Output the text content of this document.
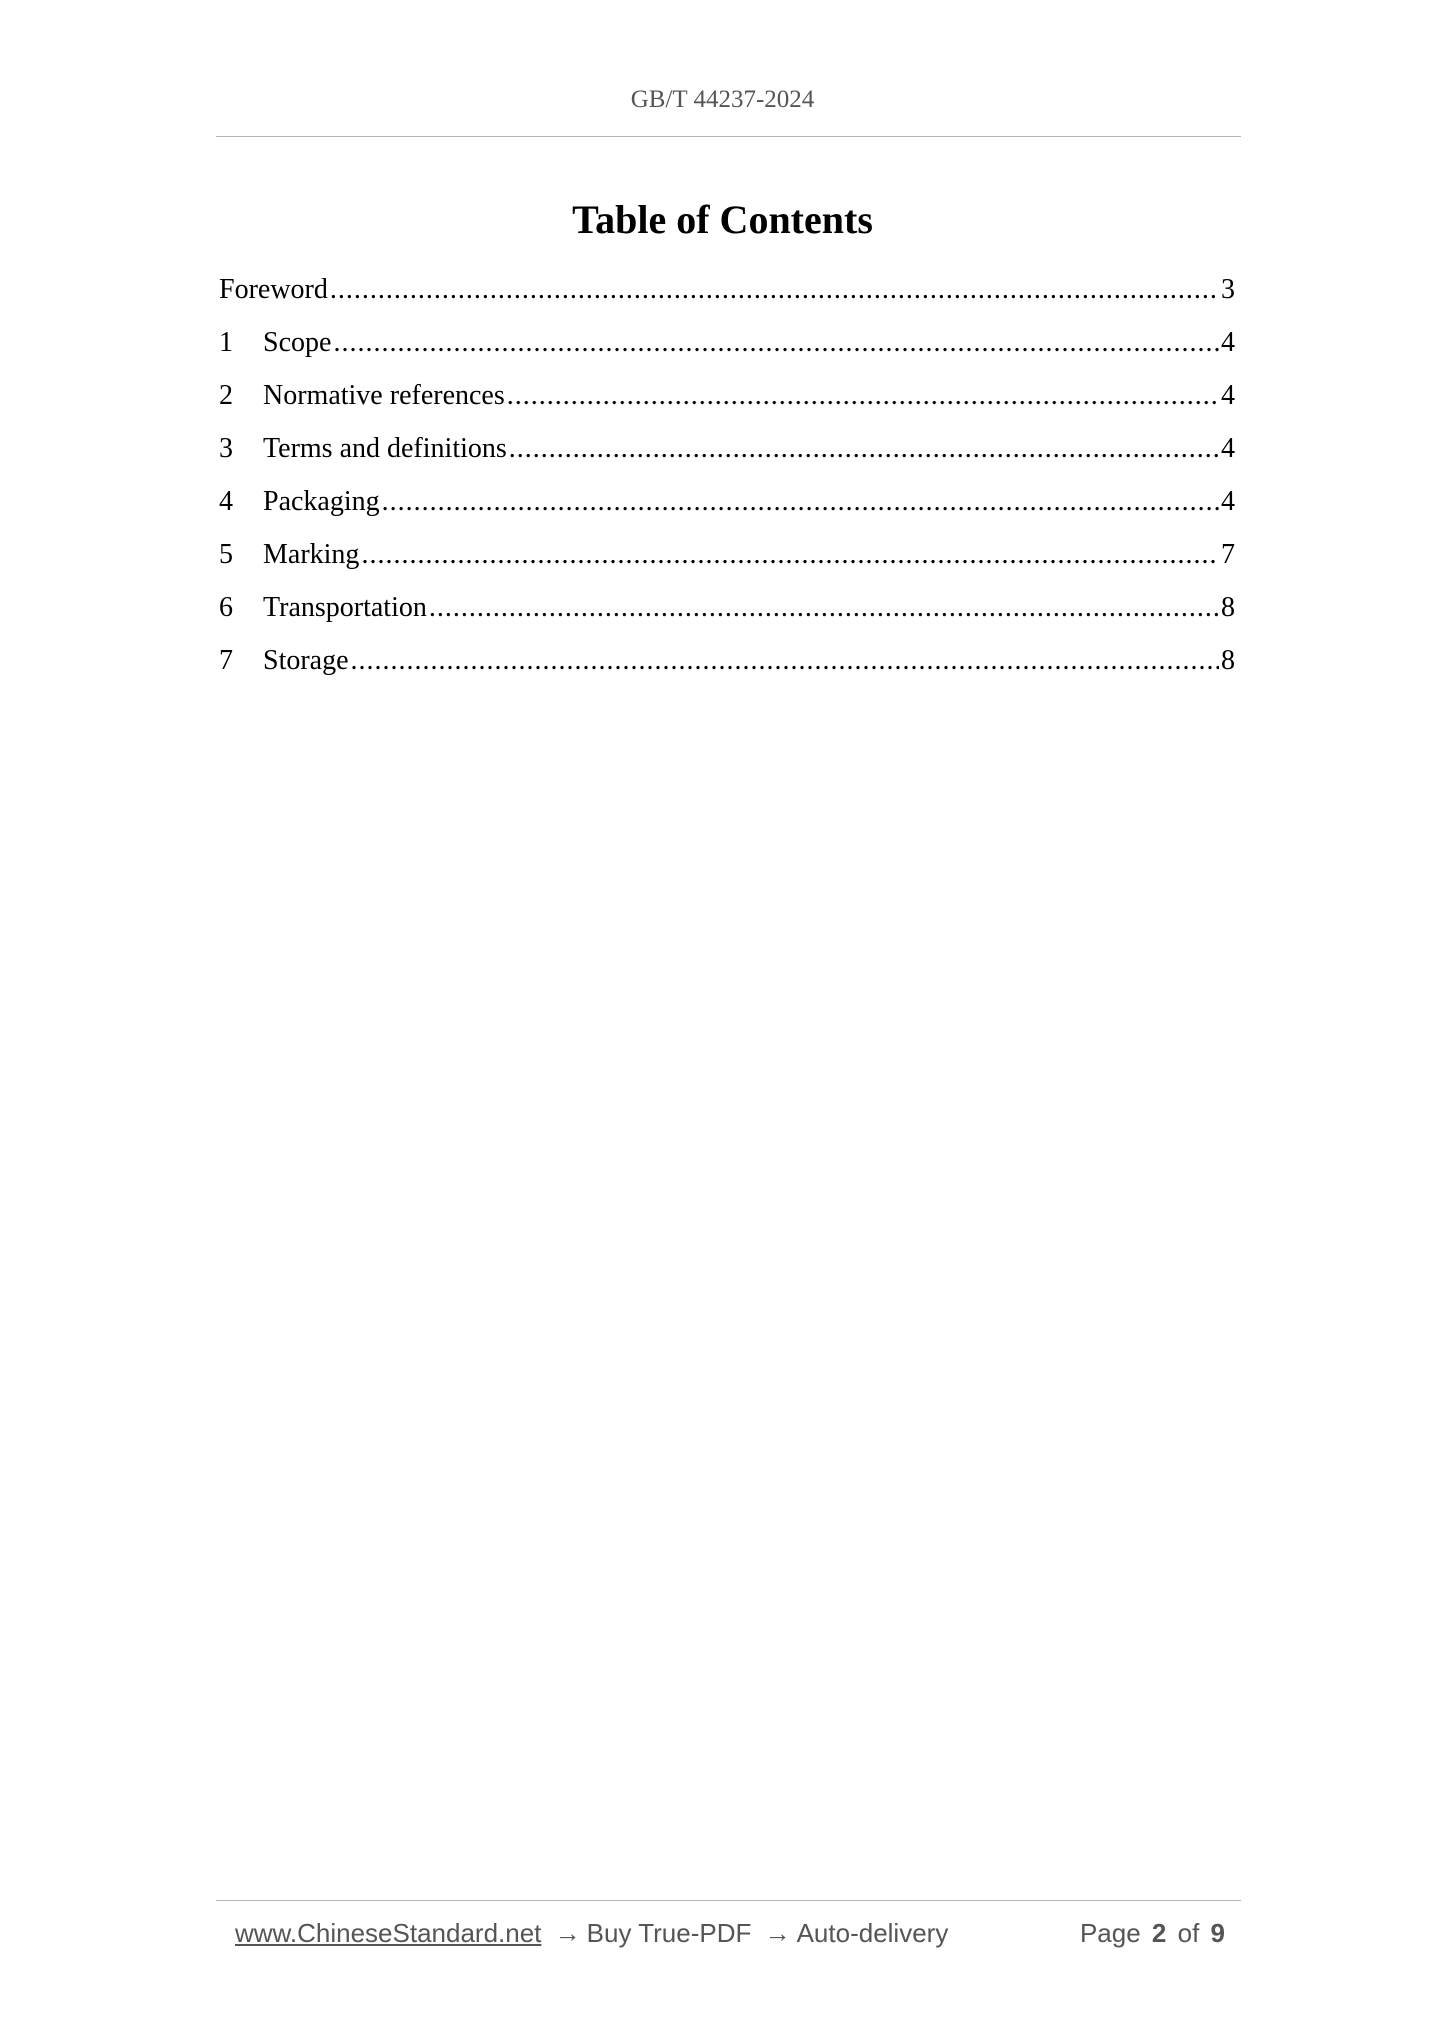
GB/T 44237-2024
Table of Contents
Foreword .....	3
1	Scope .....	4
2	Normative references .....	4
3	Terms and definitions .....	4
4	Packaging .....	4
5	Marking .....	7
6	Transportation .....	8
7	Storage .....	8
www.ChineseStandard.net → Buy True-PDF → Auto-delivery	Page 2 of 9
